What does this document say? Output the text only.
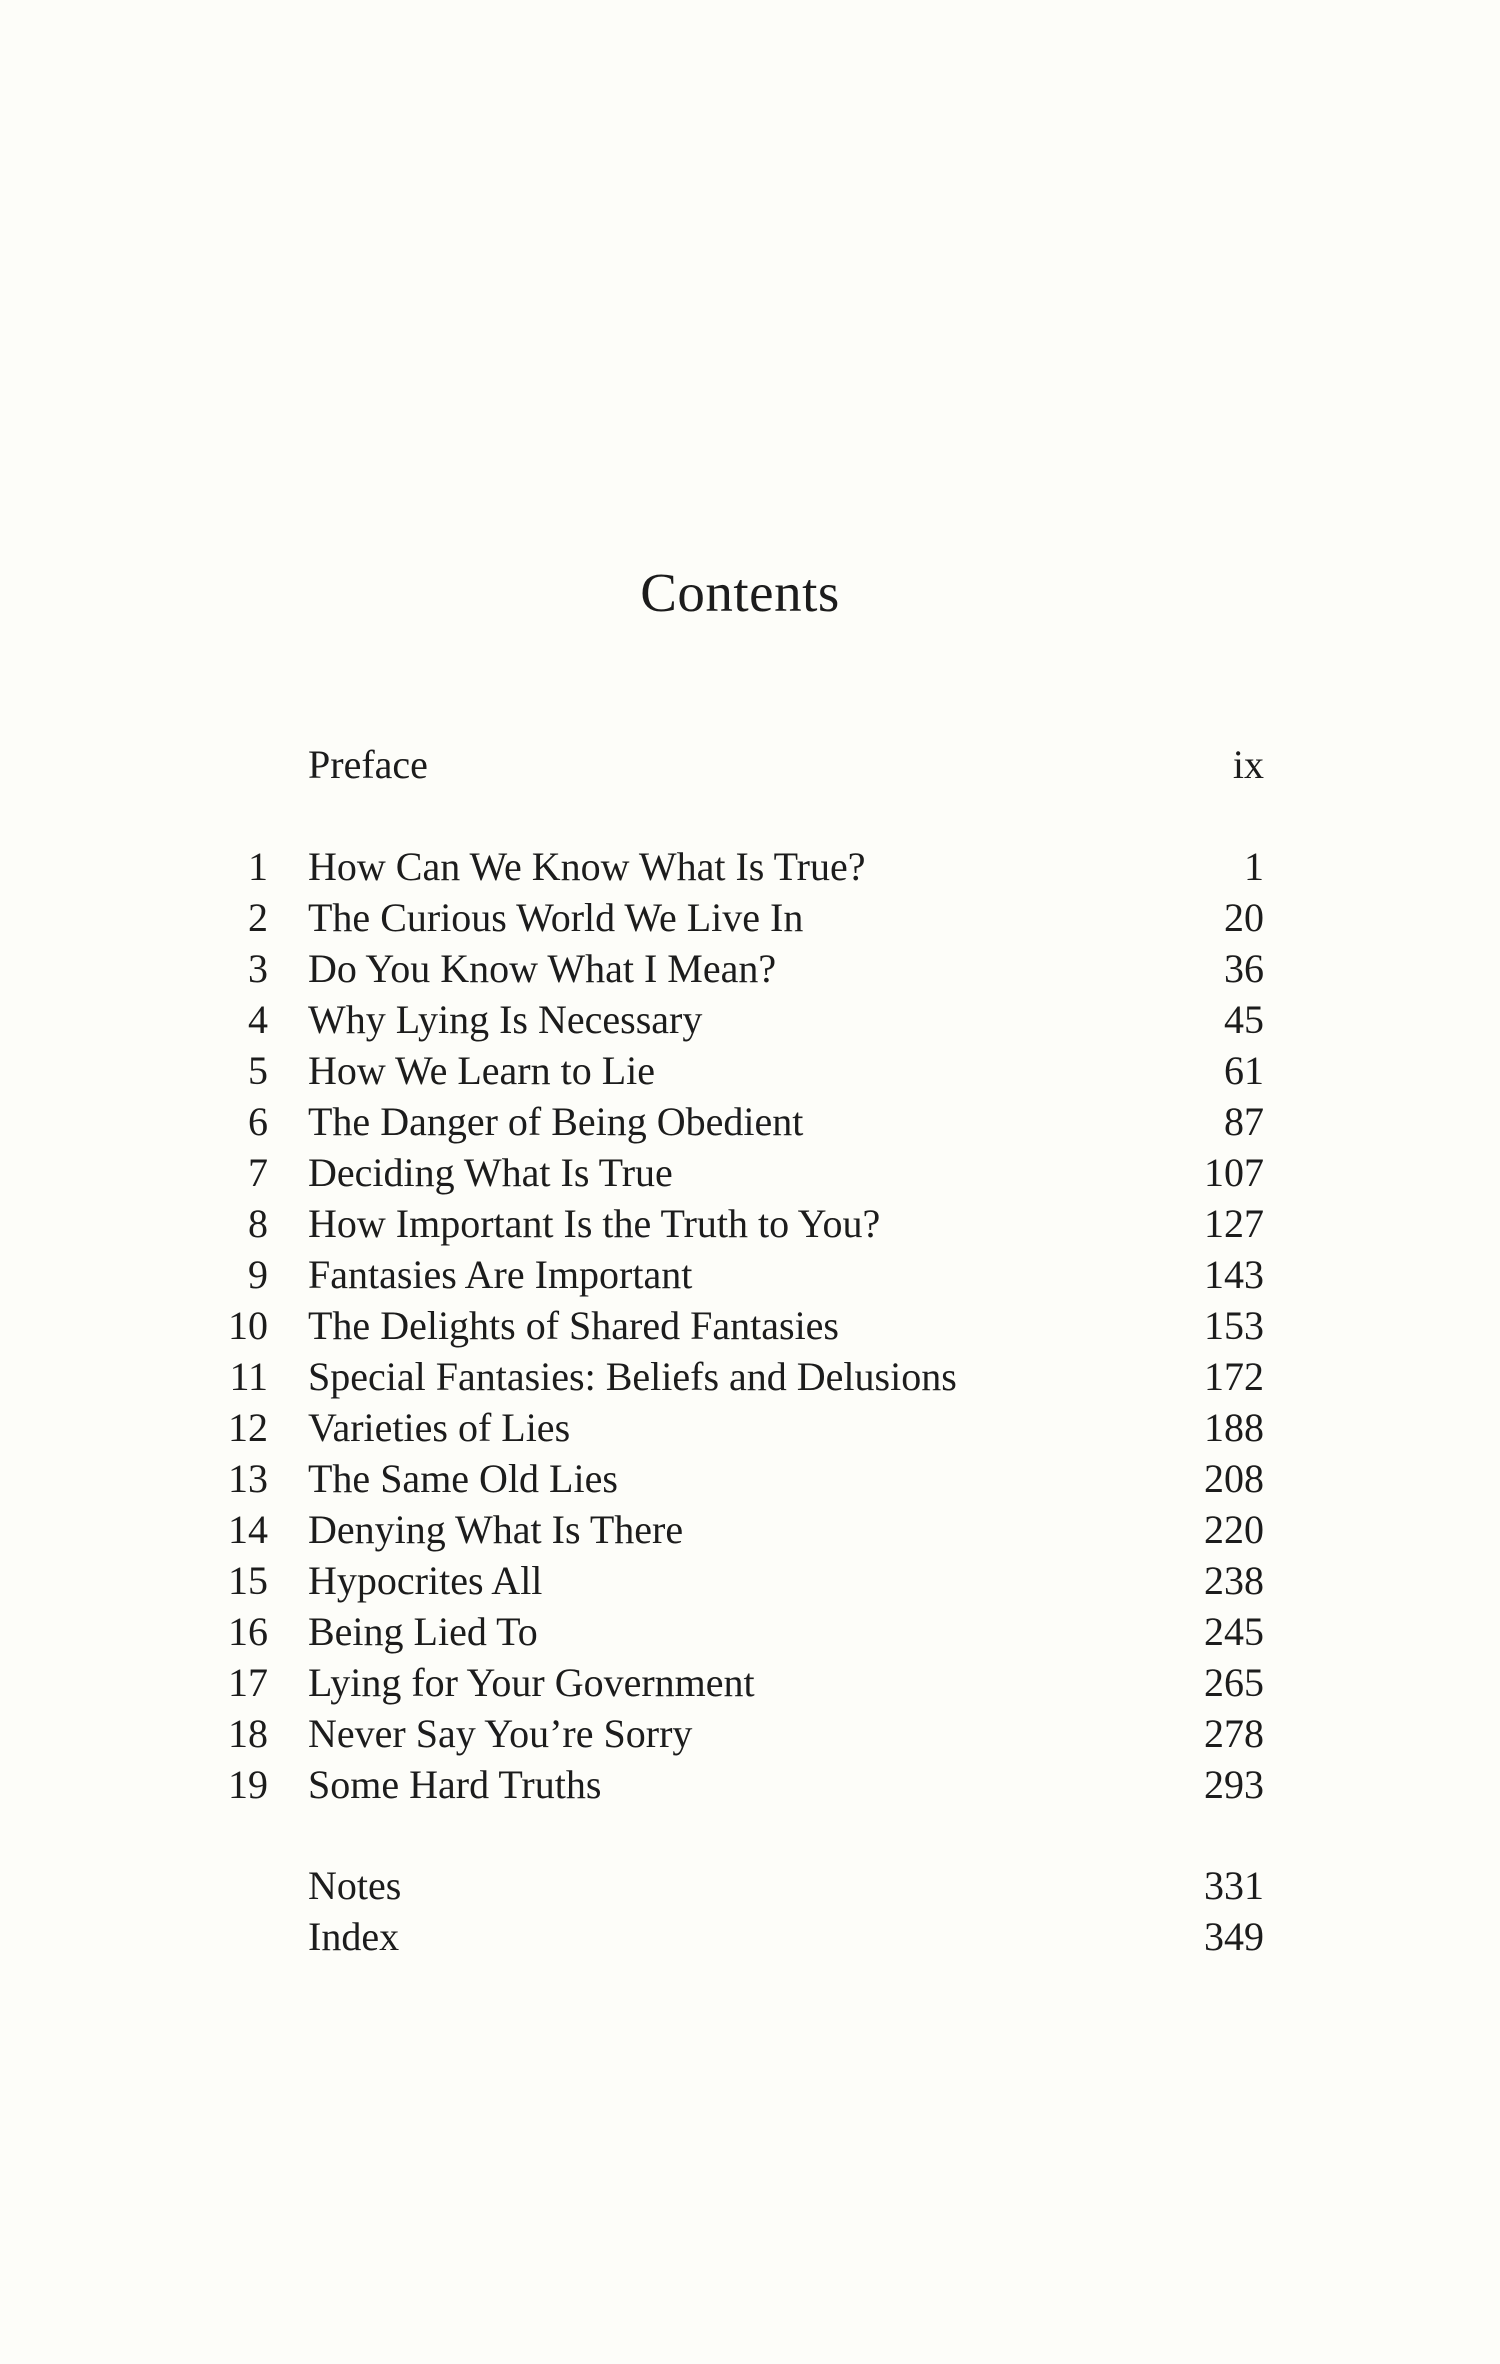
Contents
Preface	ix
1 How Can We Know What Is True?	1
2 The Curious World We Live In	20
3 Do You Know What I Mean?	36
4 Why Lying Is Necessary	45
5 How We Learn to Lie	61
6 The Danger of Being Obedient	87
7 Deciding What Is True	107
8 How Important Is the Truth to You?	127
9 Fantasies Are Important	143
10 The Delights of Shared Fantasies	153
11 Special Fantasies: Beliefs and Delusions	172
12 Varieties of Lies	188
13 The Same Old Lies	208
14 Denying What Is There	220
15 Hypocrites All	238
16 Being Lied To	245
17 Lying for Your Government	265
18 Never Say You’re Sorry	278
19 Some Hard Truths	293
Notes	331
Index	349
